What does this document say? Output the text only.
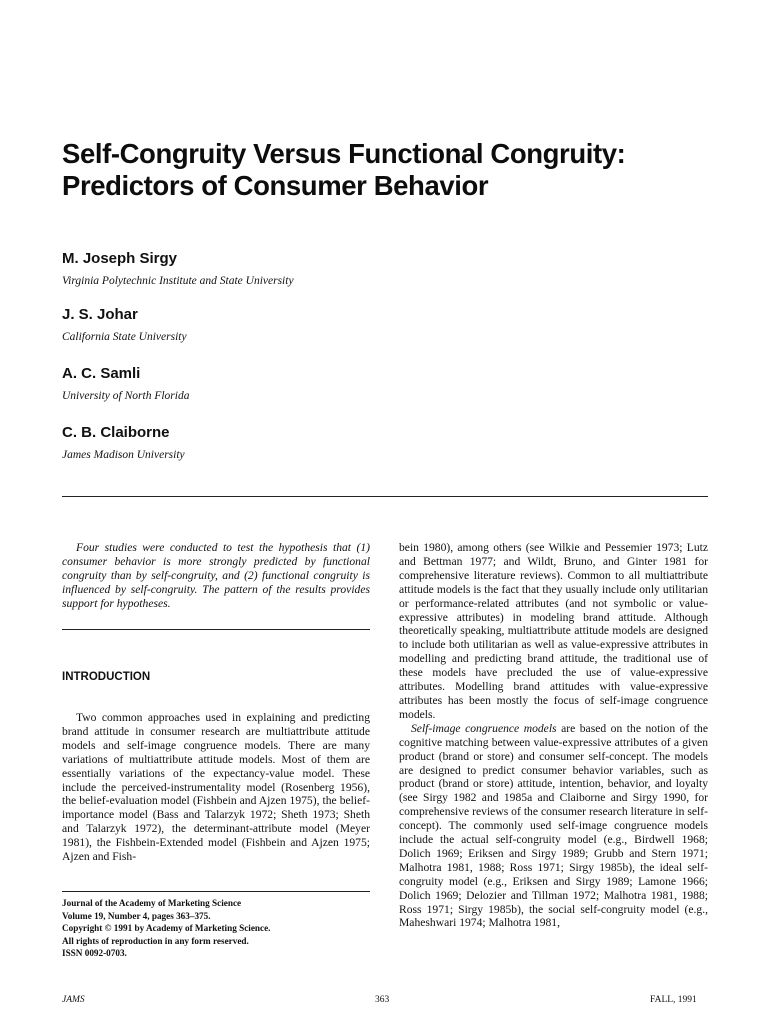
Self-Congruity Versus Functional Congruity:
Predictors of Consumer Behavior
M. Joseph Sirgy
Virginia Polytechnic Institute and State University
J. S. Johar
California State University
A. C. Samli
University of North Florida
C. B. Claiborne
James Madison University
Four studies were conducted to test the hypothesis that (1) consumer behavior is more strongly predicted by functional congruity than by self-congruity, and (2) functional congruity is influenced by self-congruity. The pattern of the results provides support for hypotheses.
INTRODUCTION

Two common approaches used in explaining and predicting brand attitude in consumer research are multiattribute attitude models and self-image congruence models. There are many variations of multiattribute attitude models. Most of them are essentially variations of the expectancy-value model. These include the perceived-instrumentality model (Rosenberg 1956), the belief-evaluation model (Fishbein and Ajzen 1975), the belief-importance model (Bass and Talarzyk 1972; Sheth 1973; Sheth and Talarzyk 1972), the determinant-attribute model (Meyer 1981), the Fishbein-Extended model (Fishbein and Ajzen 1975; Ajzen and Fish-

bein 1980), among others (see Wilkie and Pessemier 1973; Lutz and Bettman 1977; and Wildt, Bruno, and Ginter 1981 for comprehensive literature reviews). Common to all multiattribute attitude models is the fact that they usually include only utilitarian or performance-related attributes (and not symbolic or value-expressive attributes) in modeling brand attitude. Although theoretically speaking, multiattribute attitude models are designed to include both utilitarian as well as value-expressive attributes in modelling and predicting brand attitude, the traditional use of these models have precluded the use of value-expressive attributes. Modelling brand attitudes with value-expressive attributes has been mostly the focus of self-image congruence models.

Self-image congruence models are based on the notion of the cognitive matching between value-expressive attributes of a given product (brand or store) and consumer self-concept. The models are designed to predict consumer behavior variables, such as product (brand or store) attitude, intention, behavior, and loyalty (see Sirgy 1982 and 1985a and Claiborne and Sirgy 1990, for comprehensive reviews of the consumer research literature in self-concept). The commonly used self-image congruence models include the actual self-congruity model (e.g., Birdwell 1968; Dolich 1969; Eriksen and Sirgy 1989; Grubb and Stern 1971; Malhotra 1981, 1988; Ross 1971; Sirgy 1985b), the ideal self-congruity model (e.g., Eriksen and Sirgy 1989; Lamone 1966; Dolich 1969; Delozier and Tillman 1972; Malhotra 1981, 1988; Ross 1971; Sirgy 1985b), the social self-congruity model (e.g., Maheshwari 1974; Malhotra 1981,

Journal of the Academy of Marketing Science
Volume 19, Number 4, pages 363–375.
Copyright © 1991 by Academy of Marketing Science.
All rights of reproduction in any form reserved.
ISSN 0092-0703.
JAMS	363	FALL, 1991
